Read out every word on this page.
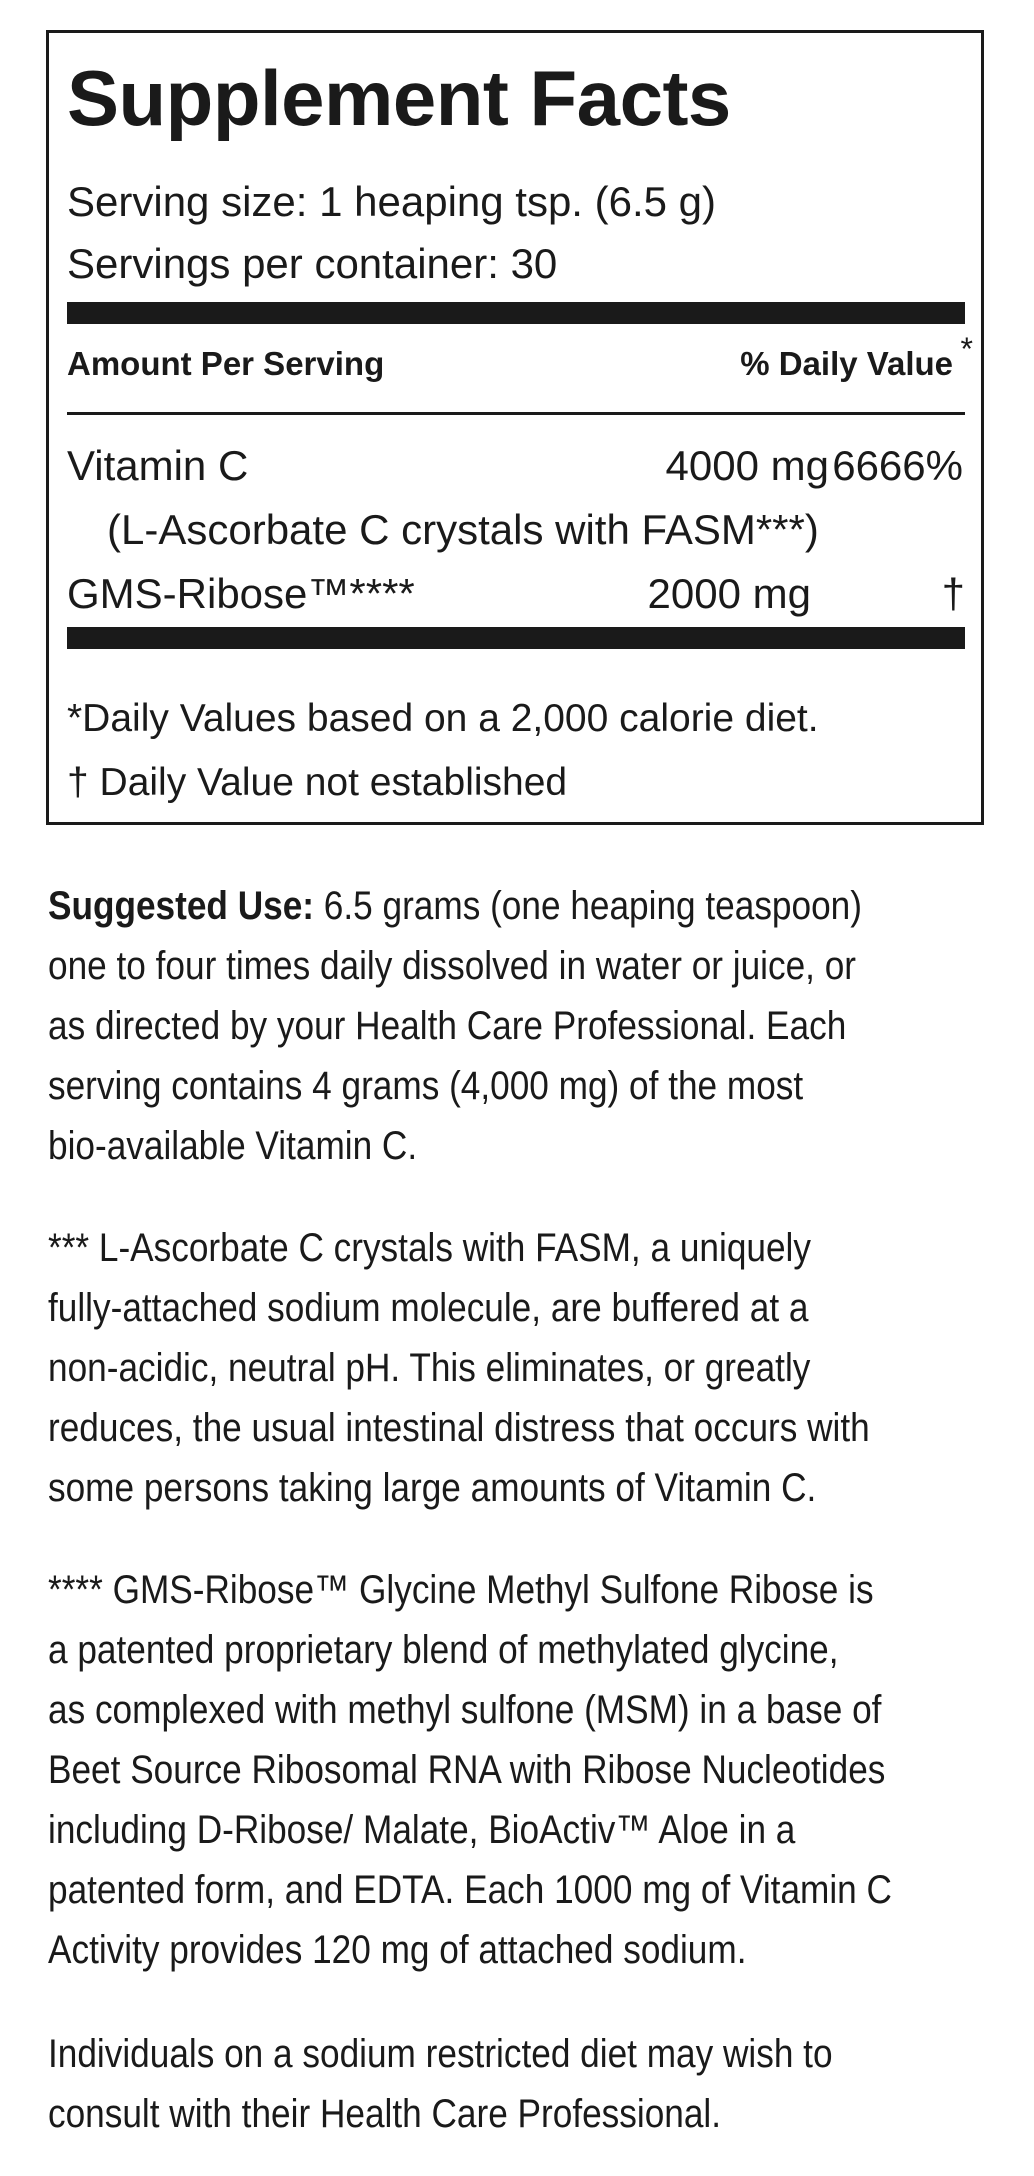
Supplement Facts
Serving size: 1 heaping tsp. (6.5 g)
Servings per container: 30
Amount Per Serving	% Daily Value *
Vitamin C	4000 mg 6666%
(L-Ascorbate C crystals with FASM***)
GMS-Ribose™****	2000 mg	†
*Daily Values based on a 2,000 calorie diet.
† Daily Value not established
Suggested Use: 6.5 grams (one heaping teaspoon)
one to four times daily dissolved in water or juice, or
as directed by your Health Care Professional. Each
serving contains 4 grams (4,000 mg) of the most
bio-available Vitamin C.
*** L-Ascorbate C crystals with FASM, a uniquely
fully-attached sodium molecule, are buffered at a
non-acidic, neutral pH. This eliminates, or greatly
reduces, the usual intestinal distress that occurs with
some persons taking large amounts of Vitamin C.
**** GMS-Ribose™ Glycine Methyl Sulfone Ribose is
a patented proprietary blend of methylated glycine,
as complexed with methyl sulfone (MSM) in a base of
Beet Source Ribosomal RNA with Ribose Nucleotides
including D-Ribose/ Malate, BioActiv™ Aloe in a
patented form, and EDTA. Each 1000 mg of Vitamin C
Activity provides 120 mg of attached sodium.
Individuals on a sodium restricted diet may wish to
consult with their Health Care Professional.
